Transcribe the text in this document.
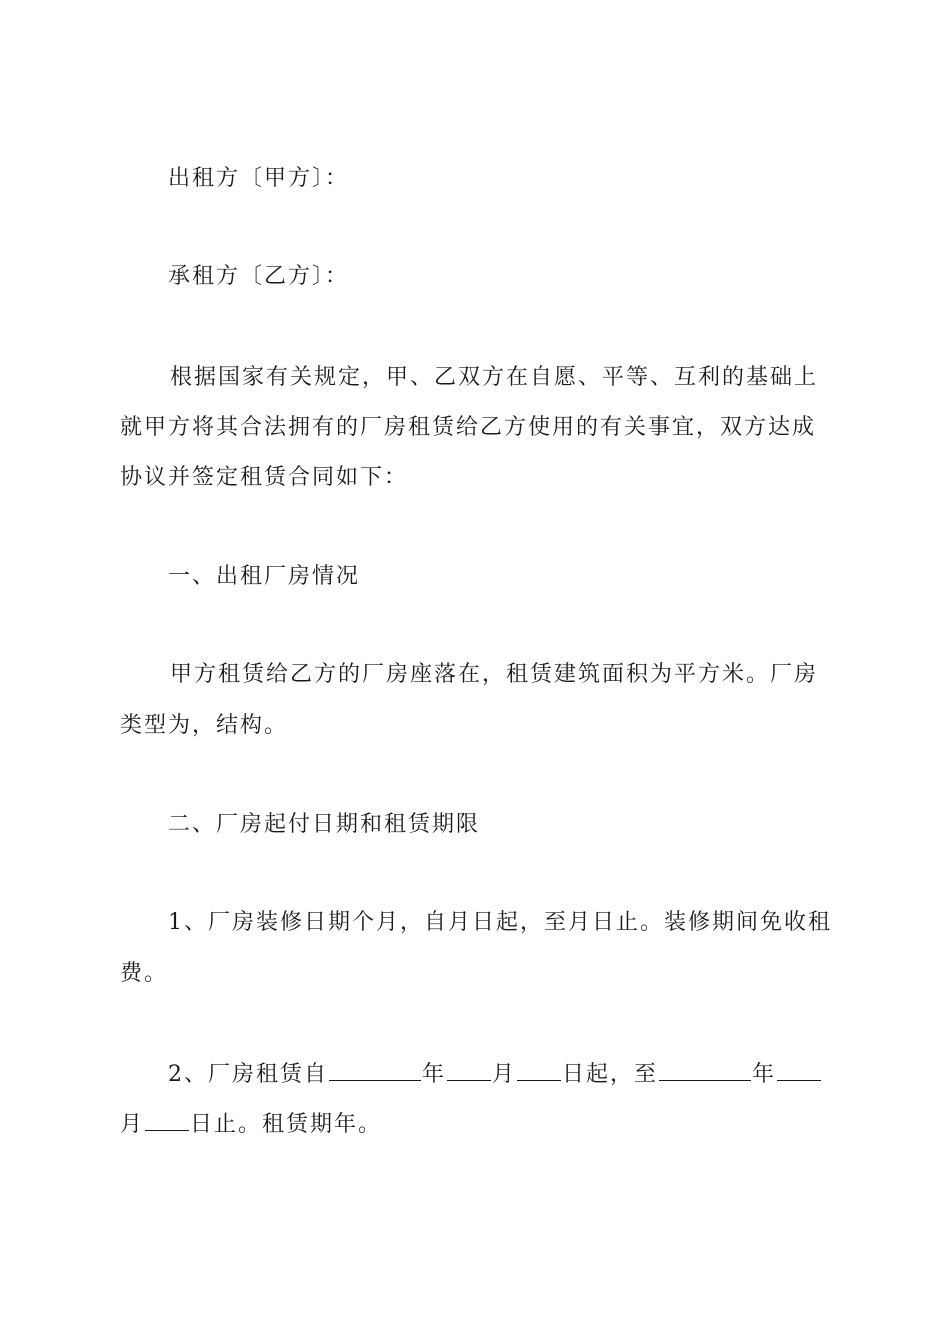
出租方〔甲方〕：
承租方〔乙方〕：
根据国家有关规定，甲、乙双方在自愿、平等、互利的基础上
就甲方将其合法拥有的厂房租赁给乙方使用的有关事宜，双方达成
协议并签定租赁合同如下：
一、出租厂房情况
甲方租赁给乙方的厂房座落在，租赁建筑面积为平方米。厂房
类型为，结构。
二、厂房起付日期和租赁期限
1、厂房装修日期个月，自月日起，至月日止。装修期间免收租
费。
2、厂房租赁自	年 月 日起，至	年
月 日止。租赁期年。
